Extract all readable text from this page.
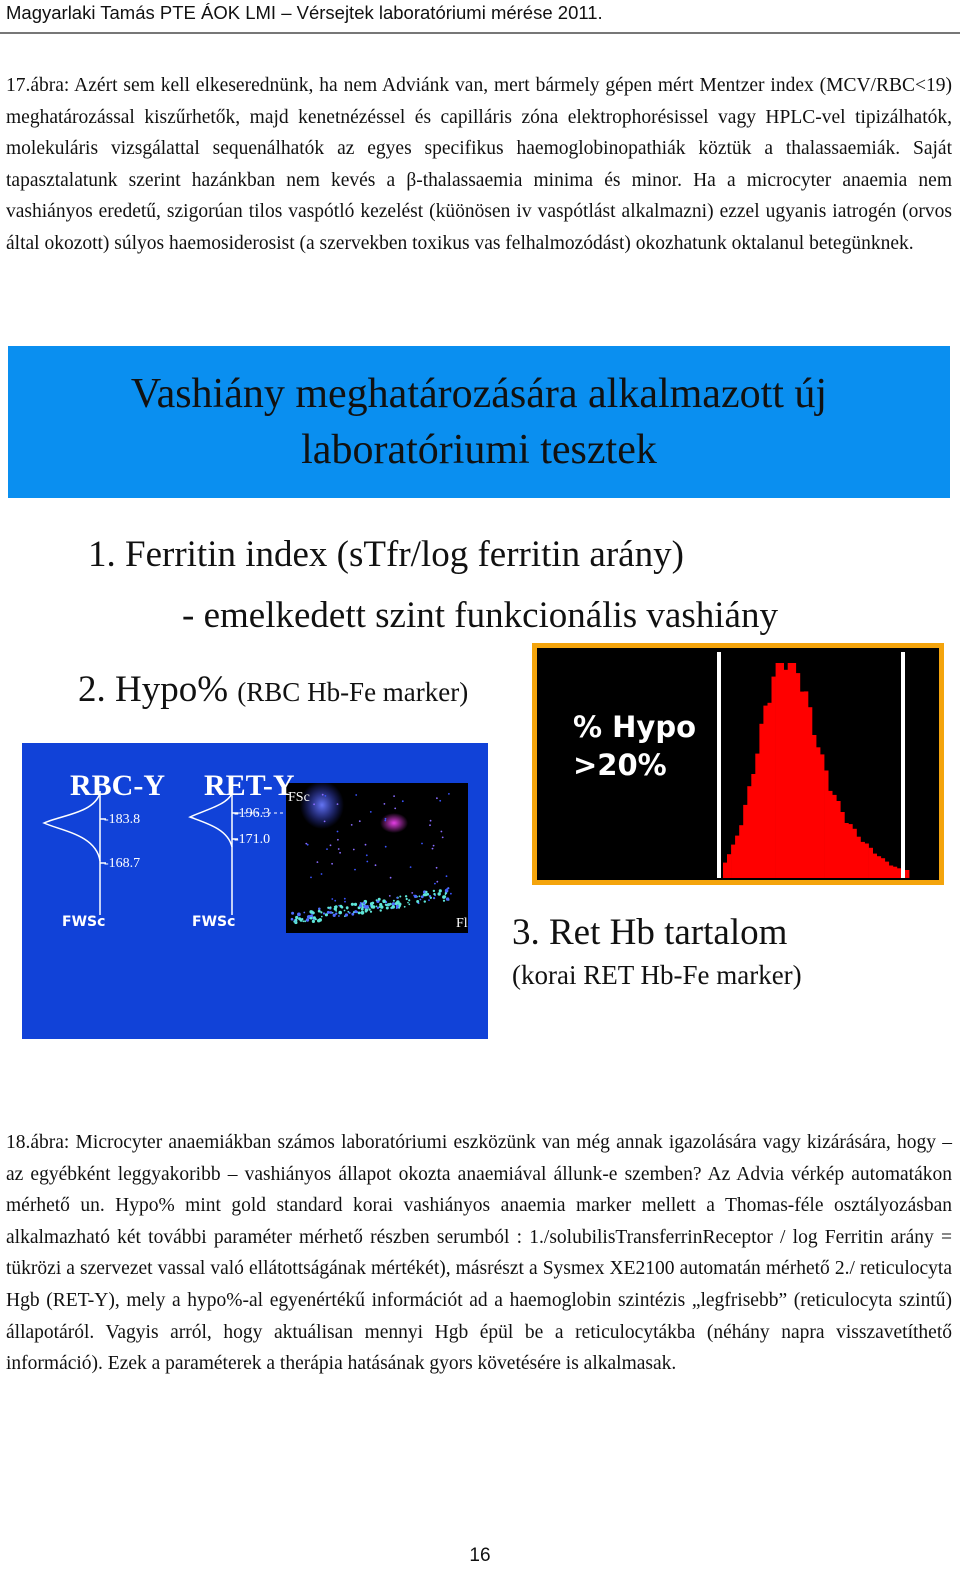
Magyarlaki Tamás PTE ÁOK LMI – Vérsejtek laboratóriumi mérése 2011.

17.ábra: Azért sem kell elkeserednünk, ha nem Adviánk van, mert bármely gépen mért Mentzer index (MCV/RBC<19) meghatározással kiszűrhetők, majd kenetnézéssel és capilláris zóna elektrophorésissel vagy HPLC-vel tipizálhatók, molekuláris vizsgálattal sequenálhatók az egyes specifikus haemoglobinopathiák köztük a thalassaemiák. Saját tapasztalatunk szerint hazánkban nem kevés a β-thalassaemia minima és minor. Ha a microcyter anaemia nem vashiányos eredetű, szigorúan tilos vaspótló kezelést (küönösen iv vaspótlást alkalmazni) ezzel ugyanis iatrogén (orvos által okozott) súlyos haemosiderosist (a szervekben toxikus vas felhalmozódást) okozhatunk oktalanul betegünknek.

Vashiány meghatározására alkalmazott új
laboratóriumi tesztek
1. Ferritin index (sTfr/log ferritin arány)
- emelkedett szint funkcionális vashiány
2. Hypo% (RBC Hb-Fe marker)
RBC-Y RET-Y
FSc
Fl
-183.8
-168.7
-196.3
-171.0
FWSc	FWSc
% Hypo
>20%
3. Ret Hb tartalom
(korai RET Hb-Fe marker)

18.ábra: Microcyter anaemiákban számos laboratóriumi eszközünk van még annak igazolására vagy kizárására, hogy – az egyébként leggyakoribb – vashiányos állapot okozta anaemiával állunk-e szemben? Az Advia vérkép automatákon mérhető un. Hypo% mint gold standard korai vashiányos anaemia marker mellett a Thomas-féle osztályozásban alkalmazható két további paraméter mérhető részben serumból : 1./solubilisTransferrinReceptor / log Ferritin arány = tükrözi a szervezet vassal való ellátottságának mértékét), másrészt a Sysmex XE2100 automatán mérhető 2./ reticulocyta Hgb (RET-Y), mely a hypo%-al egyenértékű információt ad a haemoglobin szintézis „legfrisebb” (reticulocyta szintű) állapotáról. Vagyis arról, hogy aktuálisan mennyi Hgb épül be a reticulocytákba (néhány napra visszavetíthető információ). Ezek a paraméterek a therápia hatásának gyors követésére is alkalmasak.

16
